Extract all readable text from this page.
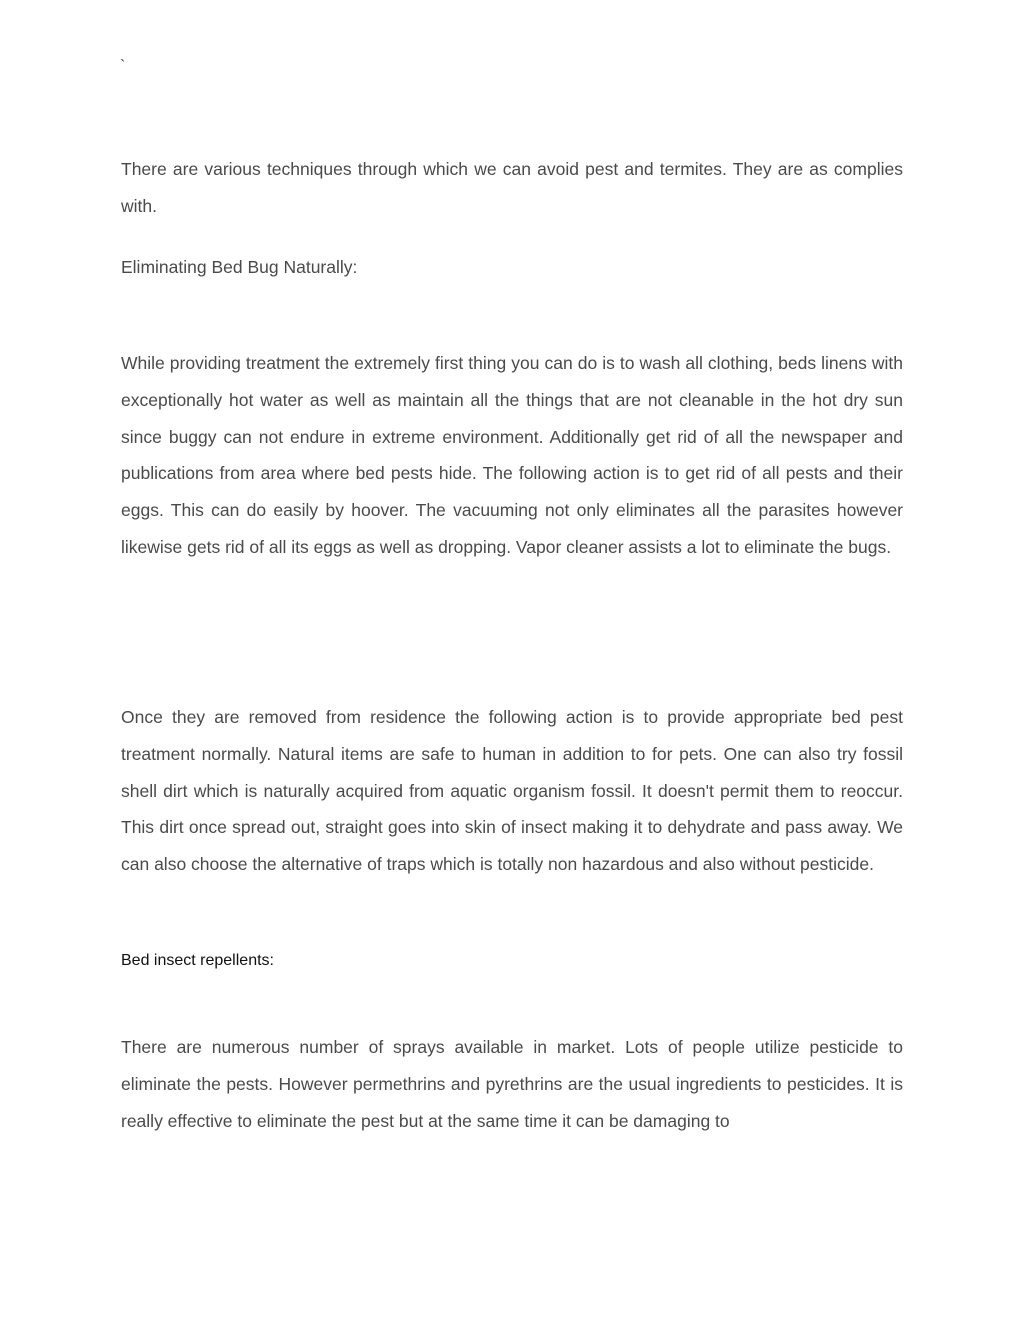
`

There are various techniques through which we can avoid pest and termites. They are as complies with.

Eliminating Bed Bug Naturally:

While providing treatment the extremely first thing you can do is to wash all clothing, beds linens with exceptionally hot water as well as maintain all the things that are not cleanable in the hot dry sun since buggy can not endure in extreme environment. Additionally get rid of all the newspaper and publications from area where bed pests hide. The following action is to get rid of all pests and their eggs. This can do easily by hoover. The vacuuming not only eliminates all the parasites however likewise gets rid of all its eggs as well as dropping. Vapor cleaner assists a lot to eliminate the bugs.

Once they are removed from residence the following action is to provide appropriate bed pest treatment normally. Natural items are safe to human in addition to for pets. One can also try fossil shell dirt which is naturally acquired from aquatic organism fossil. It doesn't permit them to reoccur. This dirt once spread out, straight goes into skin of insect making it to dehydrate and pass away. We can also choose the alternative of traps which is totally non hazardous and also without pesticide.

Bed insect repellents:

There are numerous number of sprays available in market. Lots of people utilize pesticide to eliminate the pests. However permethrins and pyrethrins are the usual ingredients to pesticides. It is really effective to eliminate the pest but at the same time it can be damaging to
